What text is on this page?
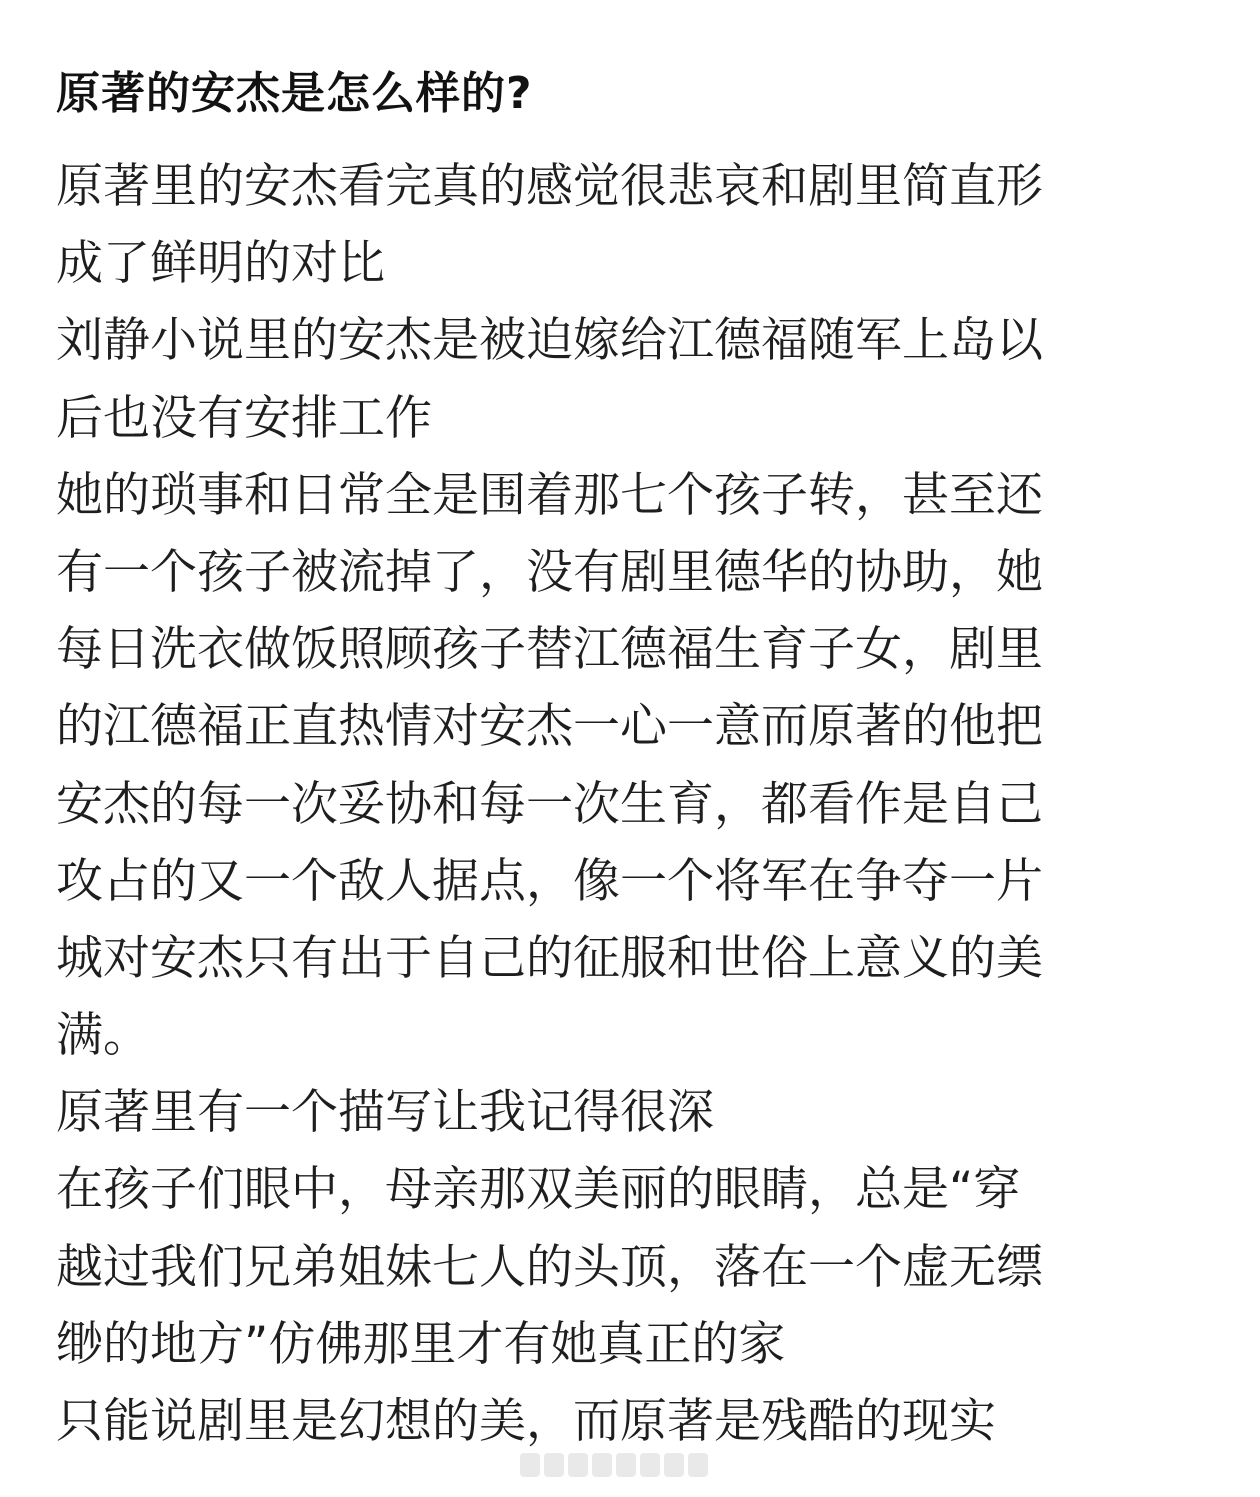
原著的安杰是怎么样的?
原著里的安杰看完真的感觉很悲哀和剧里简直形
成了鲜明的对比
刘静小说里的安杰是被迫嫁给江德福随军上岛以
后也没有安排工作
她的琐事和日常全是围着那七个孩子转，甚至还
有一个孩子被流掉了，没有剧里德华的协助，她
每日洗衣做饭照顾孩子替江德福生育子女，剧里
的江德福正直热情对安杰一心一意而原著的他把
安杰的每一次妥协和每一次生育，都看作是自己
攻占的又一个敌人据点，像一个将军在争夺一片
城对安杰只有出于自己的征服和世俗上意义的美
满。
原著里有一个描写让我记得很深
在孩子们眼中，母亲那双美丽的眼睛，总是“穿
越过我们兄弟姐妹七人的头顶，落在一个虚无缥
缈的地方”仿佛那里才有她真正的家
只能说剧里是幻想的美，而原著是残酷的现实
